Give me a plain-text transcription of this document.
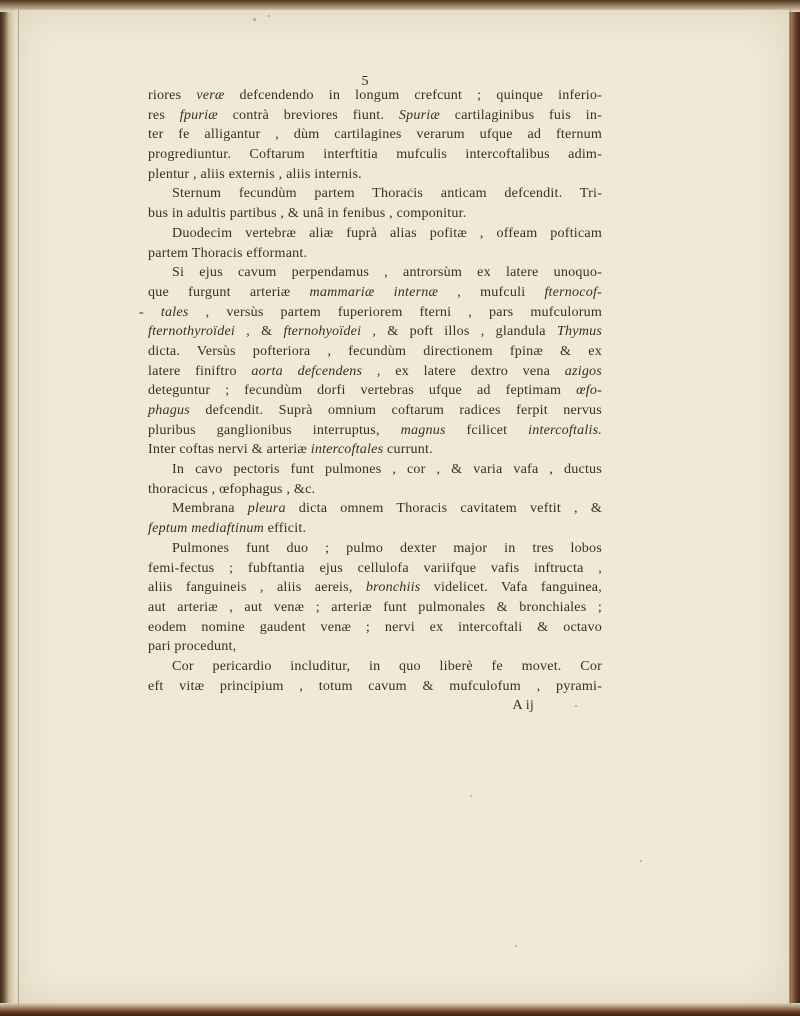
5
riores veræ defcendendo in longum crefcunt ; quinque inferio-
res fpuriæ contrà breviores fiunt. Spuriæ cartilaginibus fuis in-
ter fe alligantur , dùm cartilagines verarum ufque ad fternum
progrediuntur. Coftarum interftitia mufculis intercoftalibus adim-
plentur , aliis externis , aliis internis.
Sternum fecundùm partem Thoracis anticam defcendit. Tri-
bus in adultis partibus , & unâ in fenibus , componitur.
Duodecim vertebræ aliæ fuprà alias pofitæ , offeam pofticam
partem Thoracis efformant.
Si ejus cavum perpendamus , antrorsùm ex latere unoquo-
que furgunt arteriæ mammariæ internæ , mufculi fternocof-
- tales , versùs partem fuperiorem fterni , pars mufculorum
fternothyroïdei , & fternohyoïdei , & poft illos , glandula Thymus
dicta. Versùs pofteriora , fecundùm directionem fpinæ & ex
latere finiftro aorta defcendens , ex latere dextro vena azigos
deteguntur ; fecundùm dorfi vertebras ufque ad feptimam œfo-
phagus defcendit. Suprà omnium coftarum radices ferpit nervus
pluribus ganglionibus interruptus, magnus fcilicet intercoftalis.
Inter coftas nervi & arteriæ intercoftales currunt.
In cavo pectoris funt pulmones , cor , & varia vafa , ductus
thoracicus , œfophagus , &c.
Membrana pleura dicta omnem Thoracis cavitatem veftit , &
feptum mediaftinum efficit.
Pulmones funt duo ; pulmo dexter major in tres lobos
femi-fectus ; fubftantia ejus cellulofa variifque vafis inftructa ,
aliis fanguineis , aliis aereis, bronchiis videlicet. Vafa fanguinea,
aut arteriæ , aut venæ ; arteriæ funt pulmonales & bronchiales ;
eodem nomine gaudent venæ ; nervi ex intercoftali & octavo
pari procedunt,
Cor pericardio includitur, in quo liberè fe movet. Cor
eft vitæ principium , totum cavum & mufculofum , pyrami-
A ij
